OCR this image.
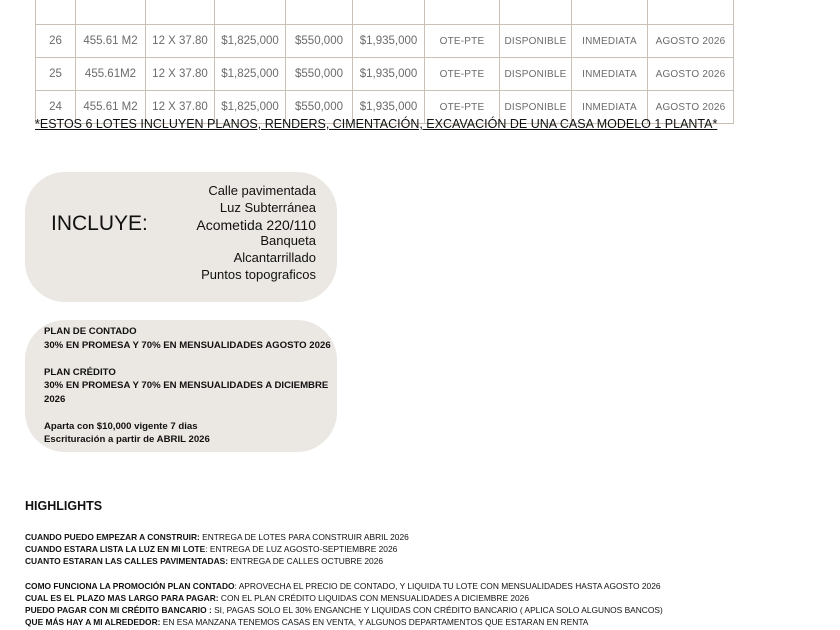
26	455.61 M2	12 X 37.80	$1,825,000	$550,000	$1,935,000	OTE-PTE	DISPONIBLE	INMEDIATA	AGOSTO 2026
25	455.61M2	12 X 37.80	$1,825,000	$550,000	$1,935,000	OTE-PTE	DISPONIBLE	INMEDIATA	AGOSTO 2026
24	455.61 M2	12 X 37.80	$1,825,000	$550,000	$1,935,000	OTE-PTE	DISPONIBLE	INMEDIATA	AGOSTO 2026
*ESTOS 6 LOTES INCLUYEN PLANOS, RENDERS, CIMENTACIÓN, EXCAVACIÓN DE UNA CASA MODELO 1 PLANTA*
INCLUYE:
Calle pavimentada
Luz Subterránea
Acometida 220/110
Banqueta
Alcantarrillado
Puntos topograficos
PLAN DE CONTADO
30% EN PROMESA Y 70% EN MENSUALIDADES AGOSTO 2026
PLAN CRÉDITO
30% EN PROMESA Y 70% EN MENSUALIDADES A DICIEMBRE
2026
Aparta con $10,000 vigente 7 dias
Escrituración a partir de ABRIL 2026
HIGHLIGHTS
CUANDO PUEDO EMPEZAR A CONSTRUIR: ENTREGA DE LOTES PARA CONSTRUIR ABRIL 2026
CUANDO ESTARA LISTA LA LUZ EN MI LOTE: ENTREGA DE LUZ AGOSTO-SEPTIEMBRE 2026
CUANTO ESTARAN LAS CALLES PAVIMENTADAS: ENTREGA DE CALLES OCTUBRE 2026
COMO FUNCIONA LA PROMOCIÓN PLAN CONTADO: APROVECHA EL PRECIO DE CONTADO, Y LIQUIDA TU LOTE CON MENSUALIDADES HASTA AGOSTO 2026
CUAL ES EL PLAZO MAS LARGO PARA PAGAR: CON EL PLAN CRÉDITO LIQUIDAS CON MENSUALIDADES A DICIEMBRE 2026
PUEDO PAGAR CON MI CRÉDITO BANCARIO : SI, PAGAS SOLO EL 30% ENGANCHE Y LIQUIDAS CON CRÉDITO BANCARIO ( APLICA SOLO ALGUNOS BANCOS)
QUE MÁS HAY A MI ALREDEDOR: EN ESA MANZANA TENEMOS CASAS EN VENTA, Y ALGUNOS DEPARTAMENTOS QUE ESTARAN EN RENTA
